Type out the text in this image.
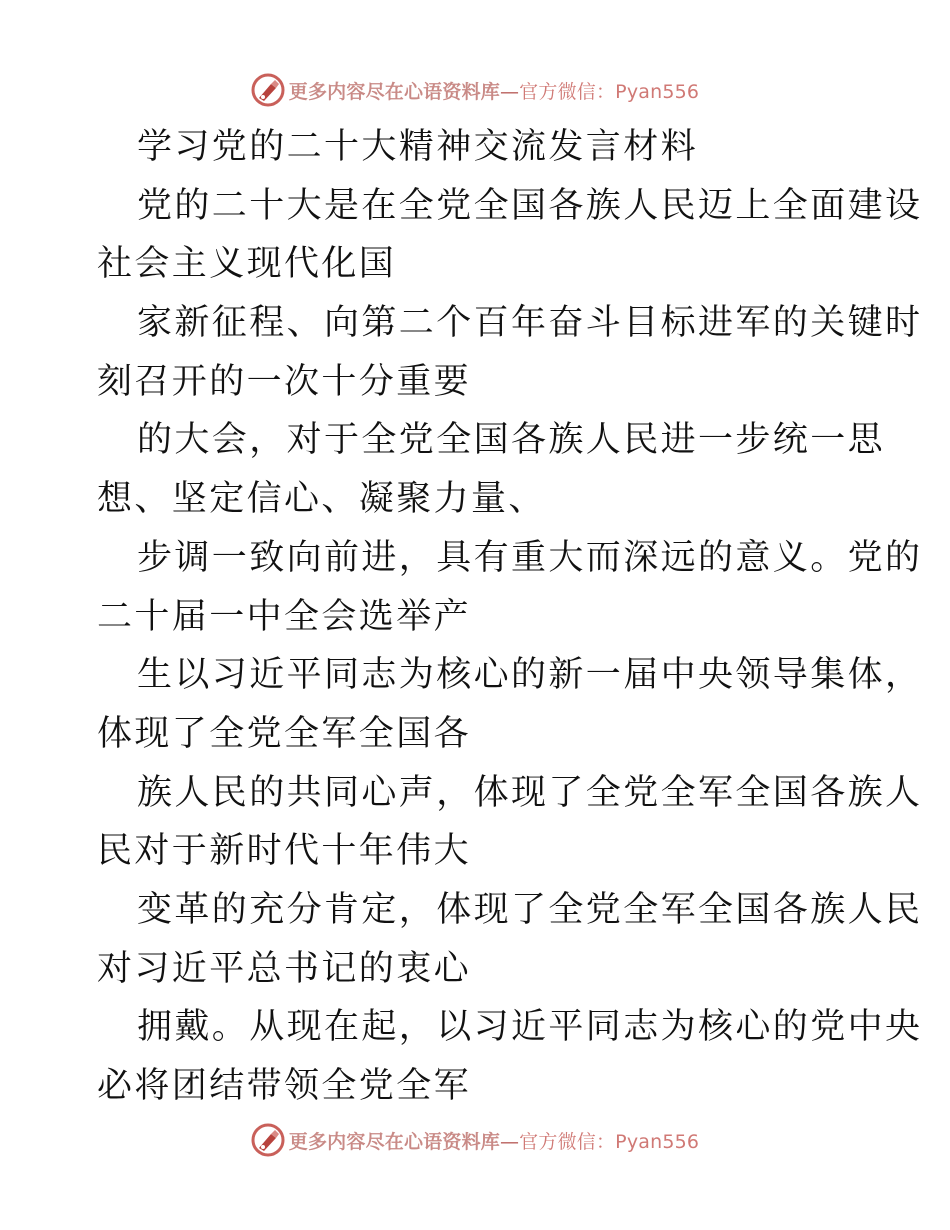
更多内容尽在心语资料库—官方微信：Pyan556
学习党的二十大精神交流发言材料
党的二十大是在全党全国各族人民迈上全面建设
社会主义现代化国
家新征程、向第二个百年奋斗目标进军的关键时
刻召开的一次十分重要
的大会，对于全党全国各族人民进一步统一思
想、坚定信心、凝聚力量、
步调一致向前进，具有重大而深远的意义。党的
二十届一中全会选举产
生以习近平同志为核心的新一届中央领导集体，
体现了全党全军全国各
族人民的共同心声，体现了全党全军全国各族人
民对于新时代十年伟大
变革的充分肯定，体现了全党全军全国各族人民
对习近平总书记的衷心
拥戴。从现在起，以习近平同志为核心的党中央
必将团结带领全党全军
更多内容尽在心语资料库—官方微信：Pyan556
